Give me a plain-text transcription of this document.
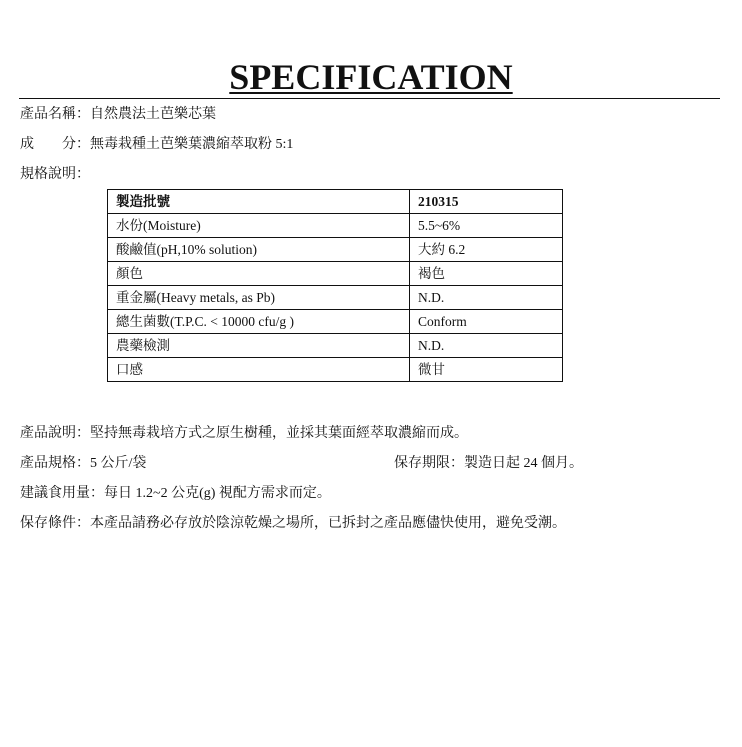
SPECIFICATION
產品名稱：自然農法土芭樂芯葉
成　　分：無毒栽種土芭樂葉濃縮萃取粉 5:1
規格說明：
製造批號	210315
水份(Moisture)	5.5~6%
酸鹼值(pH,10% solution)	大約 6.2
顏色	褐色
重金屬(Heavy metals, as Pb)	N.D.
總生菌數(T.P.C. < 10000 cfu/g )	Conform
農藥檢測	N.D.
口感	微甘
產品說明：堅持無毒栽培方式之原生樹種，並採其葉面經萃取濃縮而成。
產品規格：5 公斤/袋	保存期限：製造日起 24 個月。
建議食用量：每日 1.2~2 公克(g) 視配方需求而定。
保存條件：本產品請務必存放於陰涼乾燥之場所，已拆封之產品應儘快使用，避免受潮。
